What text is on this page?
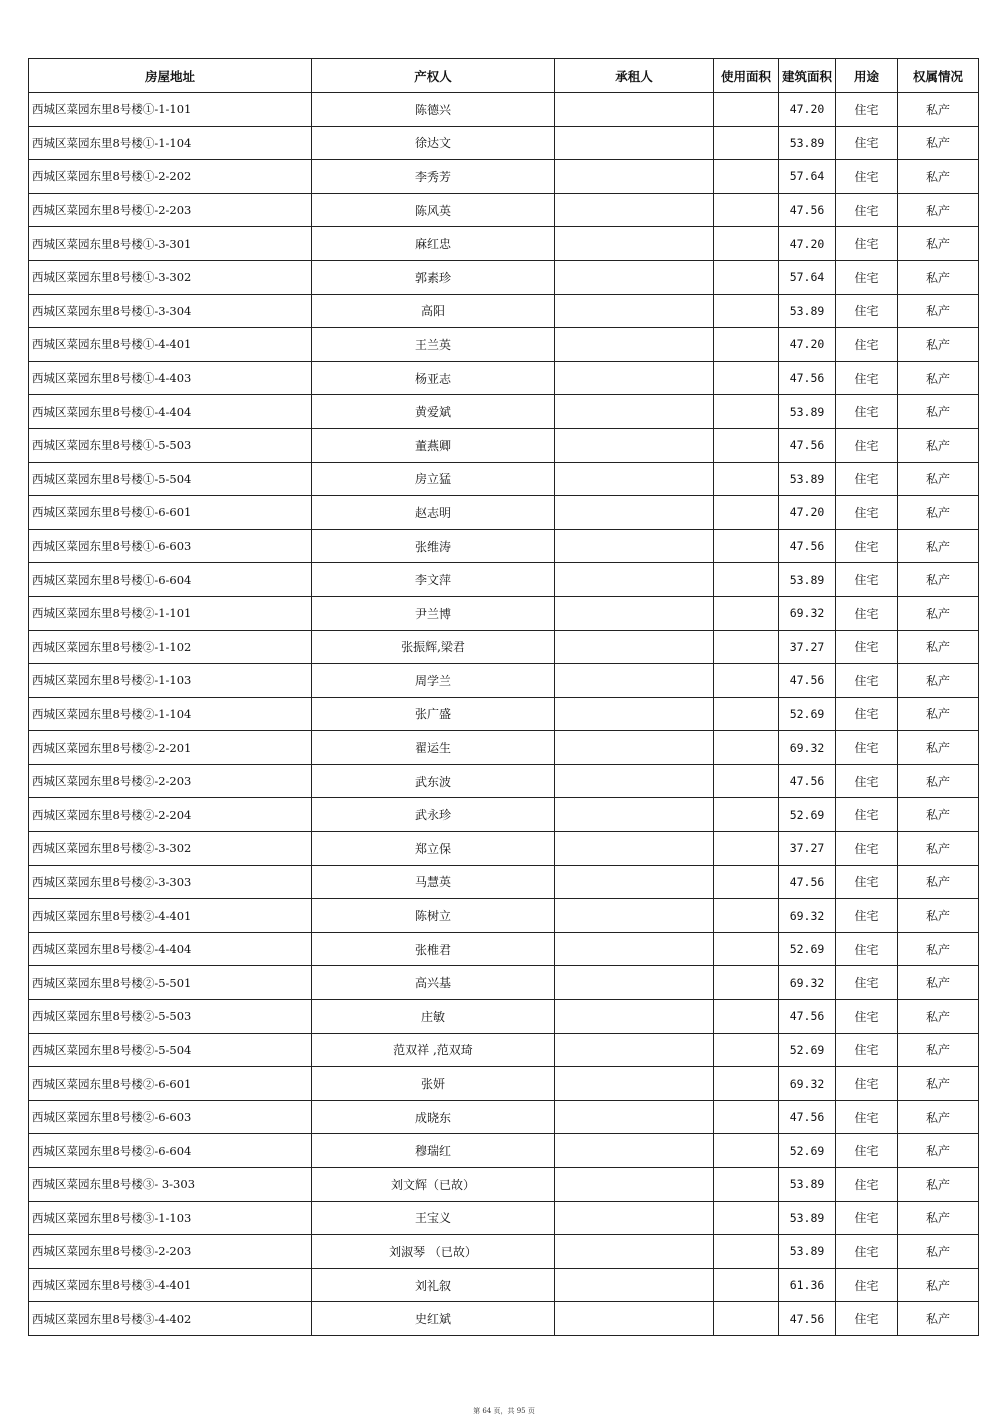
房屋地址	产权人	承租人	使用面积	建筑面积	用途	权属情况
西城区菜园东里8号楼①-1-101	陈德兴			47.20	住宅	私产
西城区菜园东里8号楼①-1-104	徐达文			53.89	住宅	私产
西城区菜园东里8号楼①-2-202	李秀芳			57.64	住宅	私产
西城区菜园东里8号楼①-2-203	陈风英			47.56	住宅	私产
西城区菜园东里8号楼①-3-301	麻红忠			47.20	住宅	私产
西城区菜园东里8号楼①-3-302	郭素珍			57.64	住宅	私产
西城区菜园东里8号楼①-3-304	高阳			53.89	住宅	私产
西城区菜园东里8号楼①-4-401	王兰英			47.20	住宅	私产
西城区菜园东里8号楼①-4-403	杨亚志			47.56	住宅	私产
西城区菜园东里8号楼①-4-404	黄爱斌			53.89	住宅	私产
西城区菜园东里8号楼①-5-503	董燕卿			47.56	住宅	私产
西城区菜园东里8号楼①-5-504	房立猛			53.89	住宅	私产
西城区菜园东里8号楼①-6-601	赵志明			47.20	住宅	私产
西城区菜园东里8号楼①-6-603	张维涛			47.56	住宅	私产
西城区菜园东里8号楼①-6-604	李文萍			53.89	住宅	私产
西城区菜园东里8号楼②-1-101	尹兰博			69.32	住宅	私产
西城区菜园东里8号楼②-1-102	张振辉,梁君			37.27	住宅	私产
西城区菜园东里8号楼②-1-103	周学兰			47.56	住宅	私产
西城区菜园东里8号楼②-1-104	张广盛			52.69	住宅	私产
西城区菜园东里8号楼②-2-201	翟运生			69.32	住宅	私产
西城区菜园东里8号楼②-2-203	武东波			47.56	住宅	私产
西城区菜园东里8号楼②-2-204	武永珍			52.69	住宅	私产
西城区菜园东里8号楼②-3-302	郑立保			37.27	住宅	私产
西城区菜园东里8号楼②-3-303	马慧英			47.56	住宅	私产
西城区菜园东里8号楼②-4-401	陈树立			69.32	住宅	私产
西城区菜园东里8号楼②-4-404	张椎君			52.69	住宅	私产
西城区菜园东里8号楼②-5-501	高兴基			69.32	住宅	私产
西城区菜园东里8号楼②-5-503	庄敏			47.56	住宅	私产
西城区菜园东里8号楼②-5-504	范双祥 ,范双琦			52.69	住宅	私产
西城区菜园东里8号楼②-6-601	张妍			69.32	住宅	私产
西城区菜园东里8号楼②-6-603	成晓东			47.56	住宅	私产
西城区菜园东里8号楼②-6-604	穆瑞红			52.69	住宅	私产
西城区菜园东里8号楼③- 3-303	刘文辉（已故）			53.89	住宅	私产
西城区菜园东里8号楼③-1-103	王宝义			53.89	住宅	私产
西城区菜园东里8号楼③-2-203	刘淑琴 （已故）			53.89	住宅	私产
西城区菜园东里8号楼③-4-401	刘礼叙			61.36	住宅	私产
西城区菜园东里8号楼③-4-402	史红斌			47.56	住宅	私产
第 64 页，共 95 页
